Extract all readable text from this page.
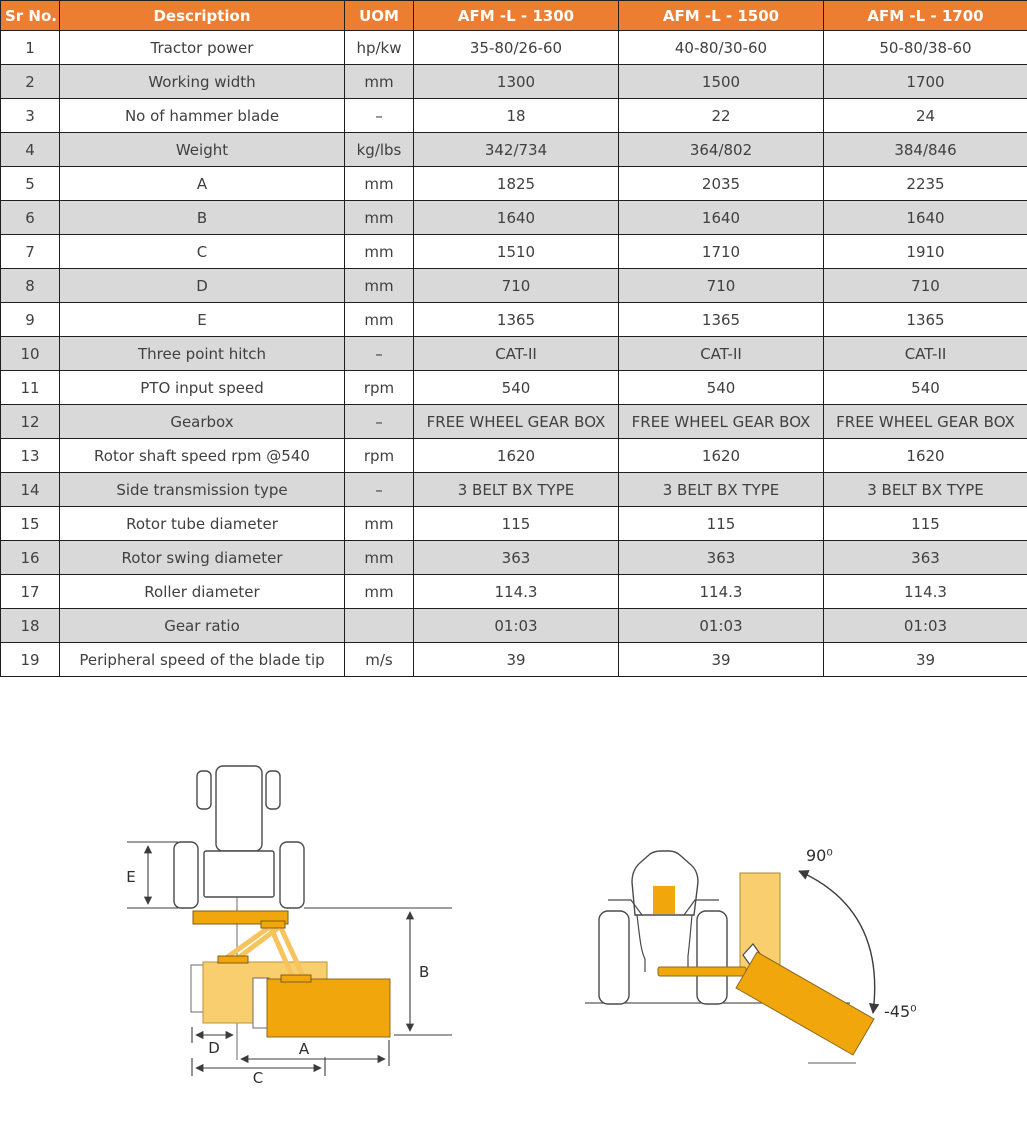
Sr No.	Description	UOM	AFM -L - 1300	AFM -L - 1500	AFM -L - 1700
1	Tractor power	hp/kw	35-80/26-60	40-80/30-60	50-80/38-60
2	Working width	mm	1300	1500	1700
3	No of hammer blade	–	18	22	24
4	Weight	kg/lbs	342/734	364/802	384/846
5	A	mm	1825	2035	2235
6	B	mm	1640	1640	1640
7	C	mm	1510	1710	1910
8	D	mm	710	710	710
9	E	mm	1365	1365	1365
10	Three point hitch	–	CAT-II	CAT-II	CAT-II
11	PTO input speed	rpm	540	540	540
12	Gearbox	–	FREE WHEEL GEAR BOX	FREE WHEEL GEAR BOX	FREE WHEEL GEAR BOX
13	Rotor shaft speed rpm @540	rpm	1620	1620	1620
14	Side transmission type	–	3 BELT BX TYPE	3 BELT BX TYPE	3 BELT BX TYPE
15	Rotor tube diameter	mm	115	115	115
16	Rotor swing diameter	mm	363	363	363
17	Roller diameter	mm	114.3	114.3	114.3
18	Gear ratio		01:03	01:03	01:03
19	Peripheral speed of the blade tip	m/s	39	39	39
E
B
D	A
C
90⁰
-45⁰
